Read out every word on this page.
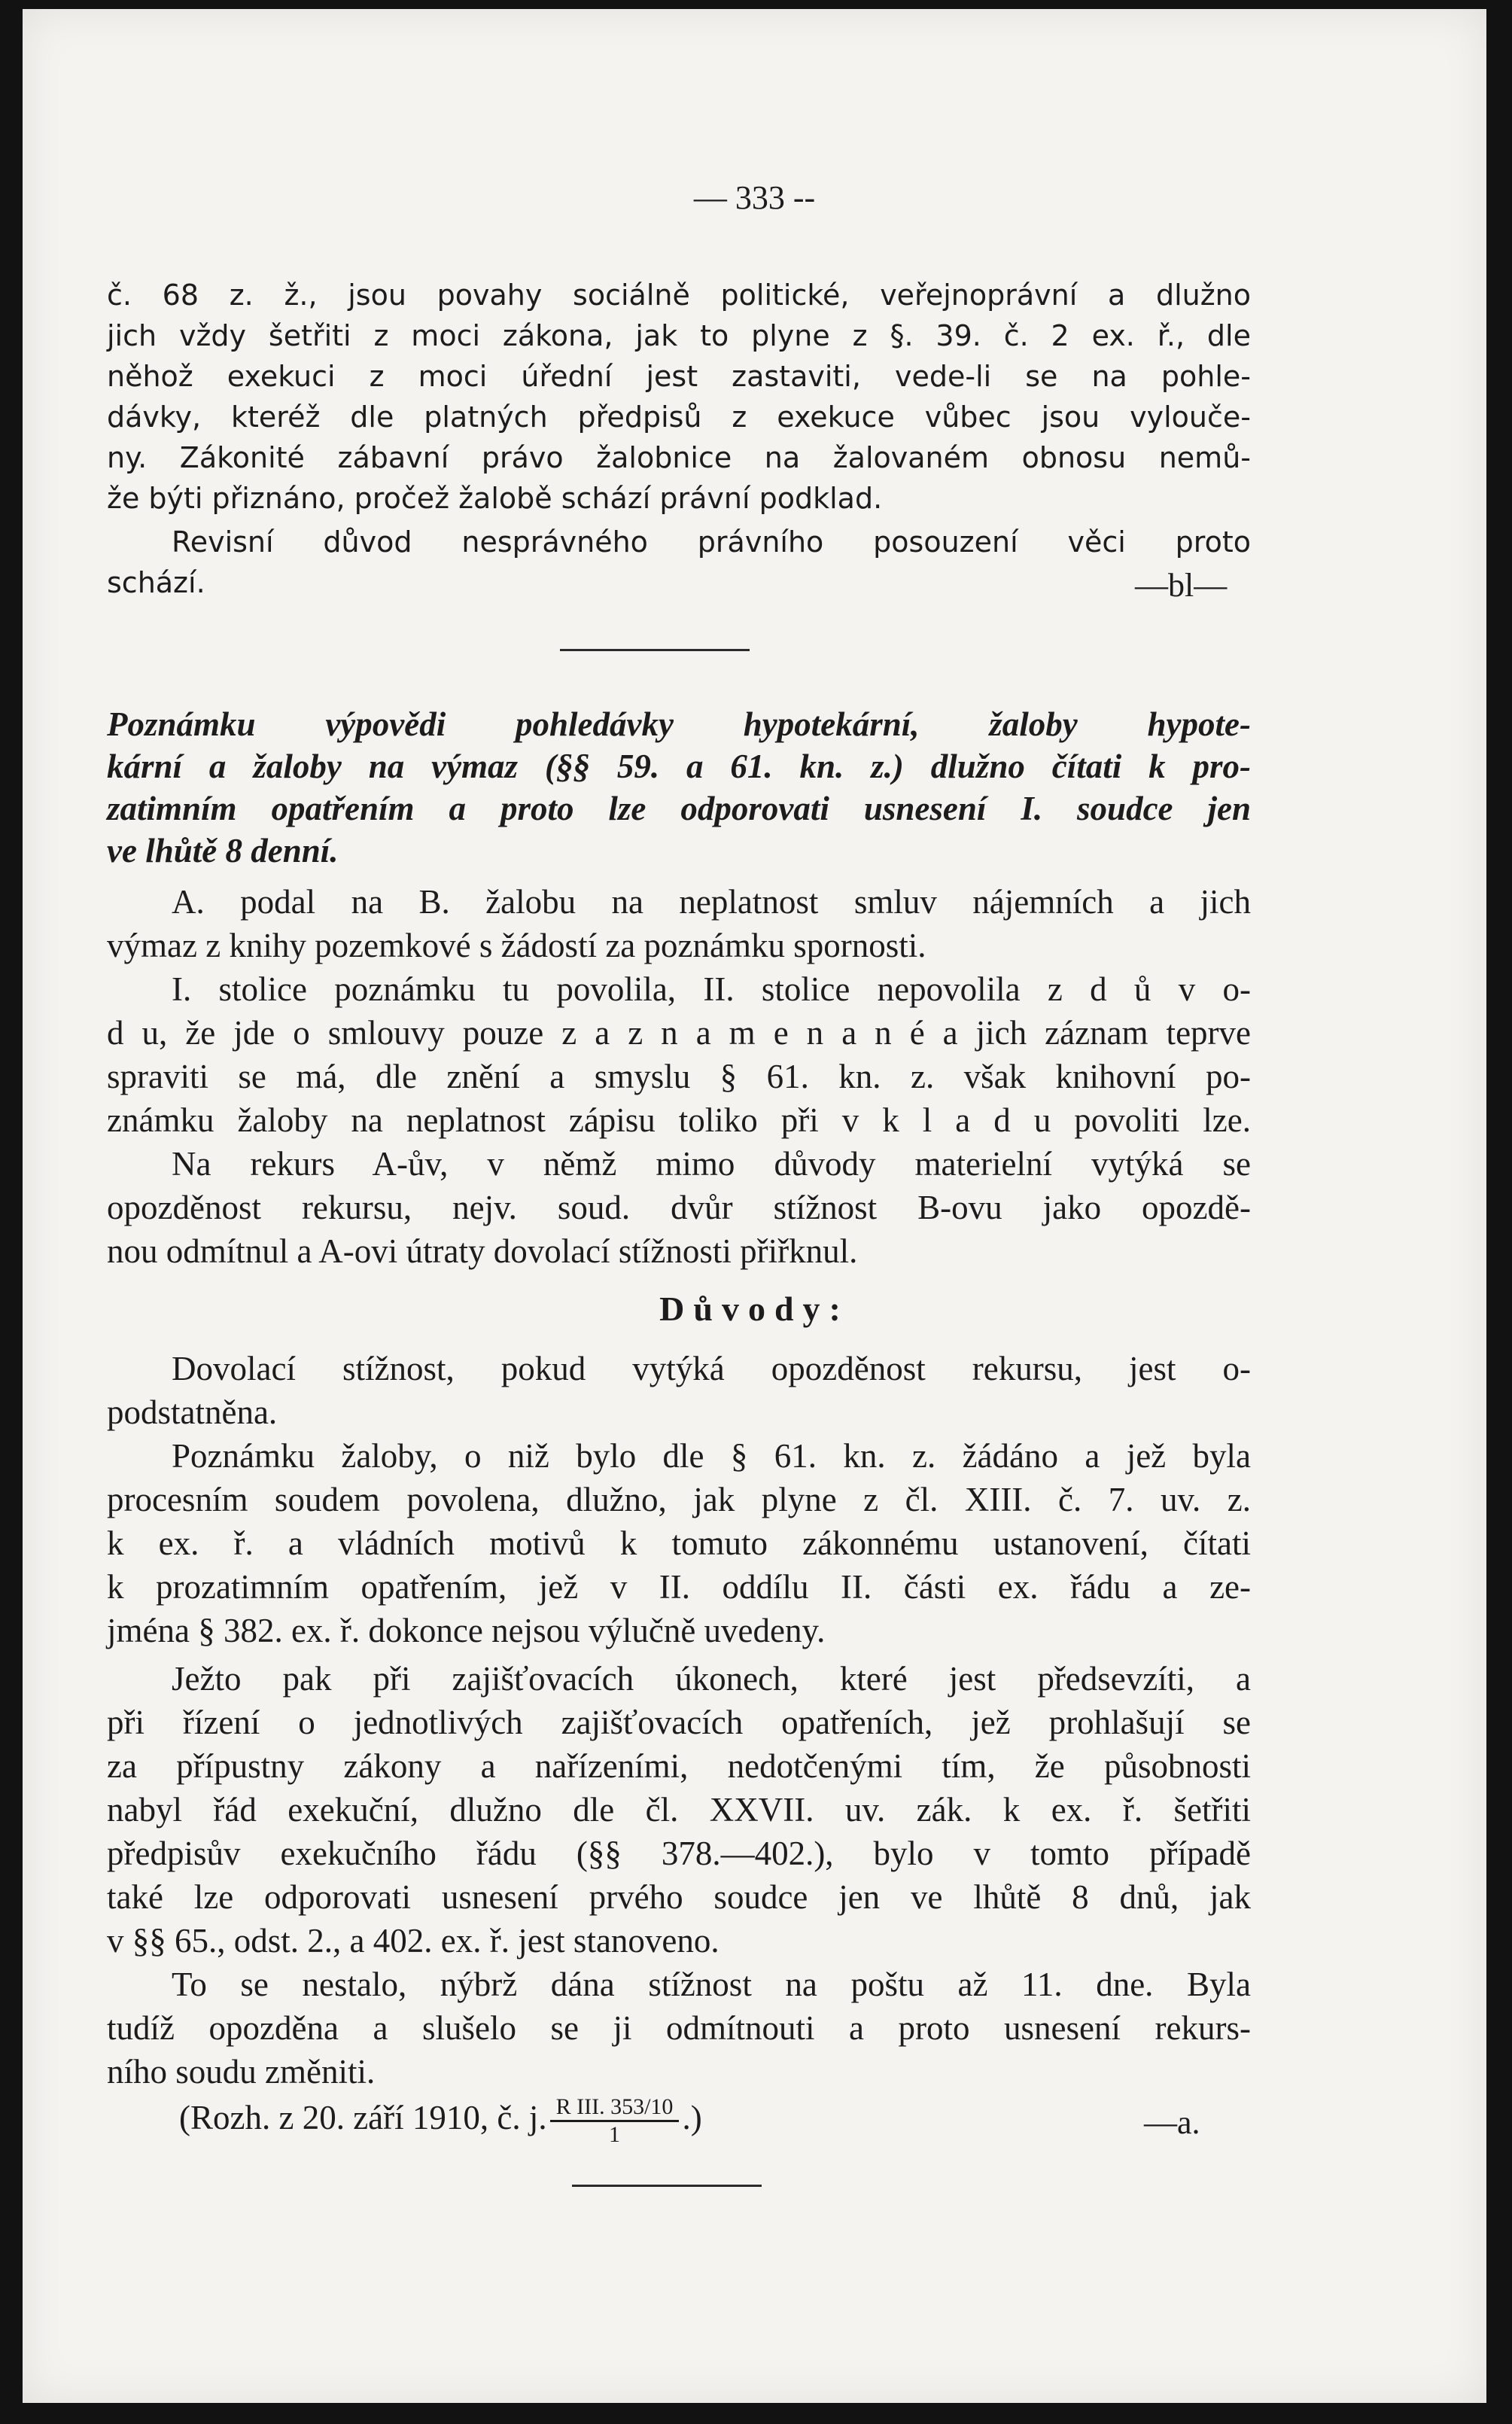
— 333 --
č. 68 z. ž., jsou povahy sociálně politické, veřejnoprávní a dlužno
jich vždy šetřiti z moci zákona, jak to plyne z §. 39. č. 2 ex. ř., dle
něhož exekuci z moci úřední jest zastaviti, vede-li se na pohle-
dávky, kteréž dle platných předpisů z exekuce vůbec jsou vylouče-
ny. Zákonité zábavní právo žalobnice na žalovaném obnosu nemů-
že býti přiznáno, pročež žalobě schází právní podklad.
Revisní důvod nesprávného právního posouzení věci proto
schází.	—bl—
Poznámku výpovědi pohledávky hypotekární, žaloby hypote-
kární a žaloby na výmaz (§§ 59. a 61. kn. z.) dlužno čítati k pro-
zatimním opatřením a proto lze odporovati usnesení I. soudce jen
ve lhůtě 8 denní.
A. podal na B. žalobu na neplatnost smluv nájemních a jich
výmaz z knihy pozemkové s žádostí za poznámku spornosti.
I. stolice poznámku tu povolila, II. stolice nepovolila z d ů v o-
d u, že jde o smlouvy pouze z a z n a m e n a n é a jich záznam teprve
spraviti se má, dle znění a smyslu § 61. kn. z. však knihovní po-
známku žaloby na neplatnost zápisu toliko při v k l a d u povoliti lze.
Na rekurs A-ův, v němž mimo důvody materielní vytýká se
opozděnost rekursu, nejv. soud. dvůr stížnost B-ovu jako opozdě-
nou odmítnul a A-ovi útraty dovolací stížnosti přiřknul.
Důvody:
Dovolací stížnost, pokud vytýká opozděnost rekursu, jest o-
podstatněna.
Poznámku žaloby, o niž bylo dle § 61. kn. z. žádáno a jež byla
procesním soudem povolena, dlužno, jak plyne z čl. XIII. č. 7. uv. z.
k ex. ř. a vládních motivů k tomuto zákonnému ustanovení, čítati
k prozatimním opatřením, jež v II. oddílu II. části ex. řádu a ze-
jména § 382. ex. ř. dokonce nejsou výlučně uvedeny.
Ježto pak při zajišťovacích úkonech, které jest předsevzíti, a
při řízení o jednotlivých zajišťovacích opatřeních, jež prohlašují se
za přípustny zákony a nařízeními, nedotčenými tím, že působnosti
nabyl řád exekuční, dlužno dle čl. XXVII. uv. zák. k ex. ř. šetřiti
předpisův exekučního řádu (§§ 378.—402.), bylo v tomto případě
také lze odporovati usnesení prvého soudce jen ve lhůtě 8 dnů, jak
v §§ 65., odst. 2., a 402. ex. ř. jest stanoveno.
To se nestalo, nýbrž dána stížnost na poštu až 11. dne. Byla
tudíž opozděna a slušelo se ji odmítnouti a proto usnesení rekurs-
ního soudu změniti.
(Rozh. z 20. září 1910, č. j. $\frac{\text{R III. 353/10}}{1}$ .)	—a.
